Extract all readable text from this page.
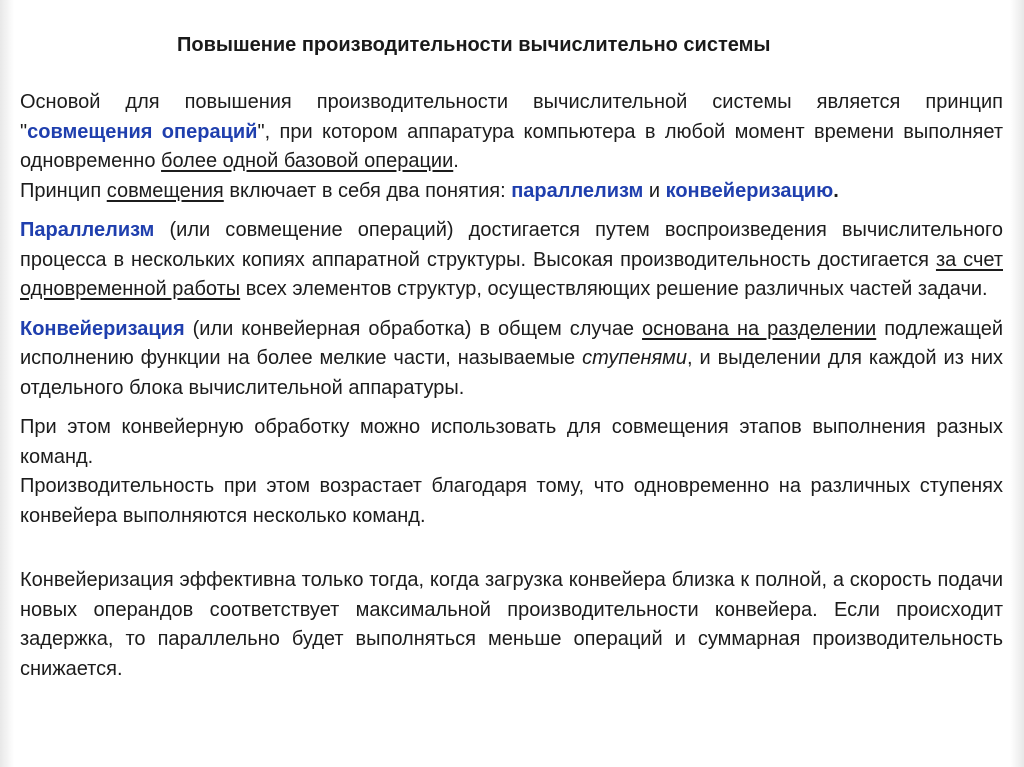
Повышение производительности вычислительно системы

Основой для повышения производительности вычислительной системы является принцип "совмещения операций", при котором аппаратура компьютера в любой момент времени выполняет одновременно более одной базовой операции.

Принцип совмещения включает в себя два понятия: параллелизм и конвейеризацию.

Параллелизм (или совмещение операций) достигается путем воспроизведения вычислительного процесса в нескольких копиях аппаратной структуры. Высокая производительность достигается за счет одновременной работы всех элементов структур, осуществляющих решение различных частей задачи.

Конвейеризация (или конвейерная обработка) в общем случае основана на разделении подлежащей исполнению функции на более мелкие части, называемые ступенями, и выделении для каждой из них отдельного блока вычислительной аппаратуры.

При этом конвейерную обработку можно использовать для совмещения этапов выполнения разных команд.

Производительность при этом возрастает благодаря тому, что одновременно на различных ступенях конвейера выполняются несколько команд.

Конвейеризация эффективна только тогда, когда загрузка конвейера близка к полной, а скорость подачи новых операндов соответствует максимальной производительности конвейера. Если происходит задержка, то параллельно будет выполняться меньше операций и суммарная производительность снижается.
